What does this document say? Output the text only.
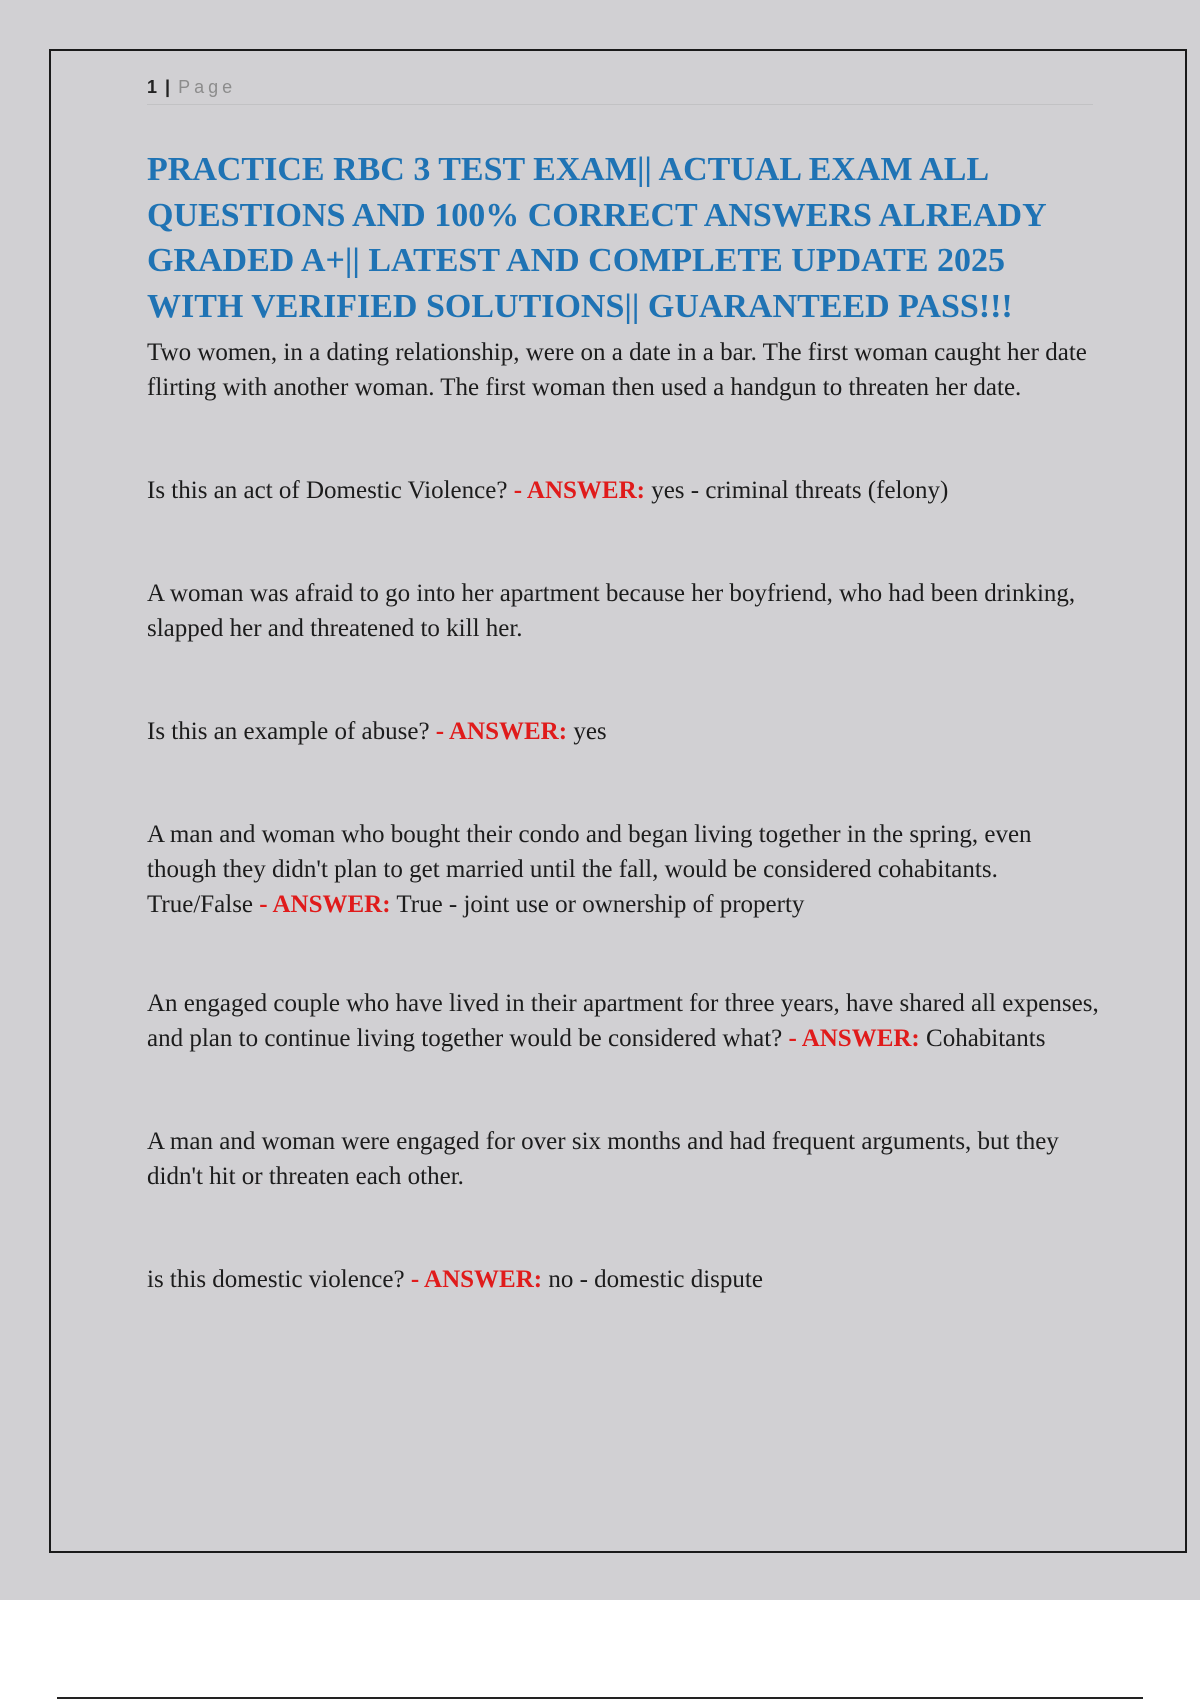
1 | Page
PRACTICE RBC 3 TEST EXAM|| ACTUAL EXAM ALL QUESTIONS AND 100% CORRECT ANSWERS ALREADY GRADED A+|| LATEST AND COMPLETE UPDATE 2025 WITH VERIFIED SOLUTIONS|| GUARANTEED PASS!!!

Two women, in a dating relationship, were on a date in a bar. The first woman caught her date flirting with another woman. The first woman then used a handgun to threaten her date.

Is this an act of Domestic Violence? - ANSWER: yes - criminal threats (felony)

A woman was afraid to go into her apartment because her boyfriend, who had been drinking, slapped her and threatened to kill her.

Is this an example of abuse? - ANSWER: yes

A man and woman who bought their condo and began living together in the spring, even though they didn't plan to get married until the fall, would be considered cohabitants. True/False - ANSWER: True - joint use or ownership of property

An engaged couple who have lived in their apartment for three years, have shared all expenses, and plan to continue living together would be considered what? - ANSWER: Cohabitants

A man and woman were engaged for over six months and had frequent arguments, but they didn't hit or threaten each other.

is this domestic violence? - ANSWER: no - domestic dispute
